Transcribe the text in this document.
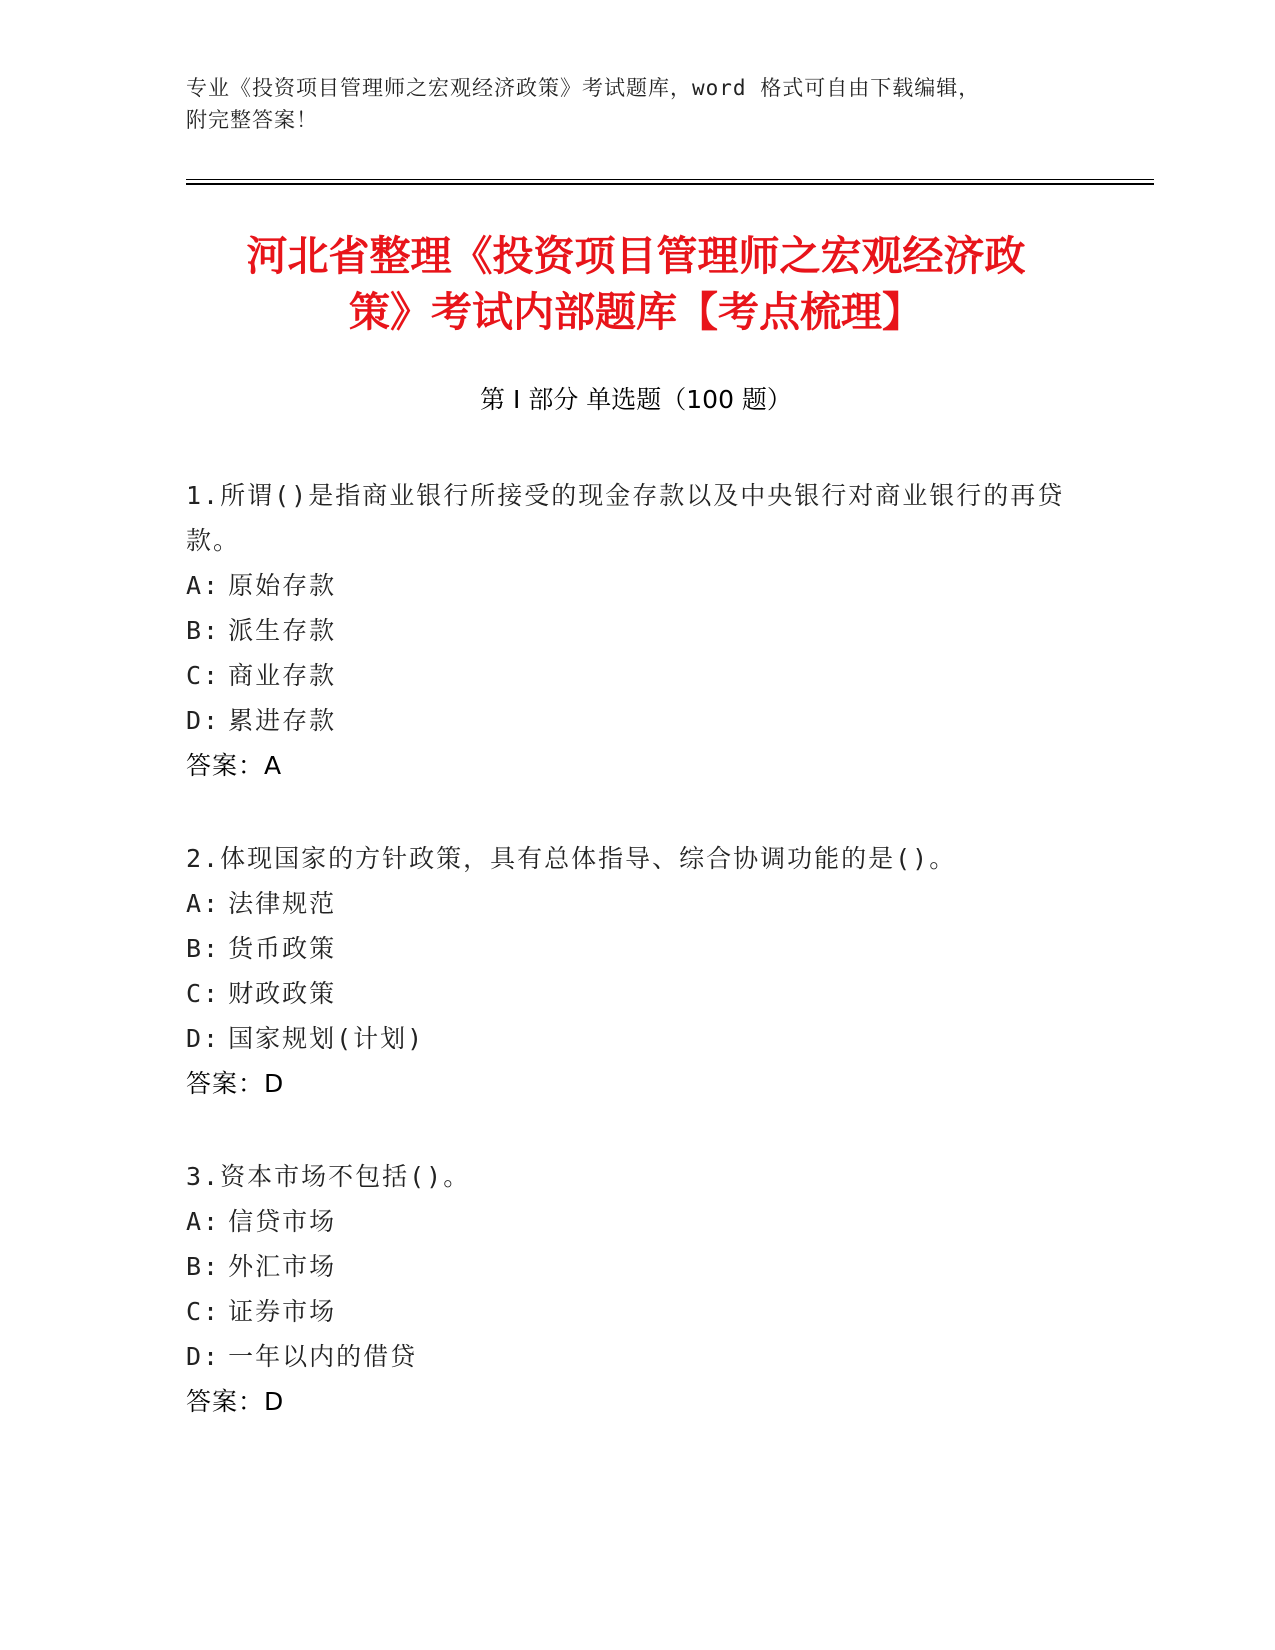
专业《投资项目管理师之宏观经济政策》考试题库，word 格式可自由下载编辑，
附完整答案！
河北省整理《投资项目管理师之宏观经济政
策》考试内部题库【考点梳理】
第 I 部分 单选题（100 题）
1.所谓()是指商业银行所接受的现金存款以及中央银行对商业银行的再贷款。
A: 原始存款
B: 派生存款
C: 商业存款
D: 累进存款
答案：A
2.体现国家的方针政策，具有总体指导、综合协调功能的是()。
A: 法律规范
B: 货币政策
C: 财政政策
D: 国家规划(计划)
答案：D
3.资本市场不包括()。
A: 信贷市场
B: 外汇市场
C: 证券市场
D: 一年以内的借贷
答案：D
